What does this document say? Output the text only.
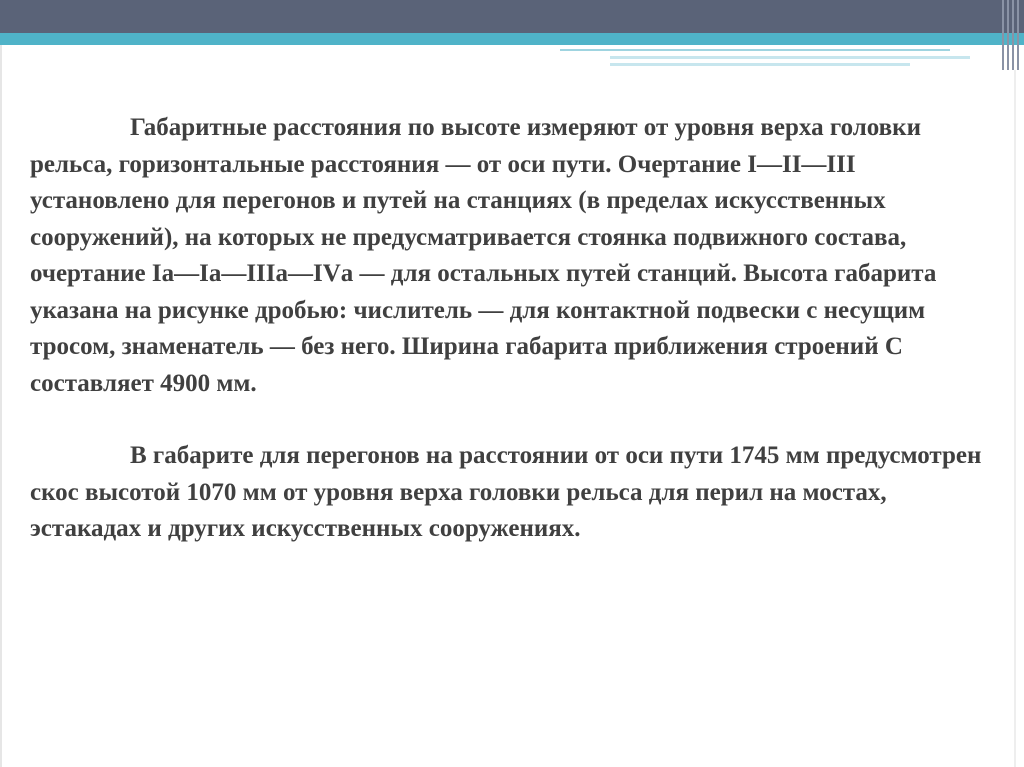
Габаритные расстояния по высоте измеряют от уровня верха головки рельса, горизонтальные расстояния — от оси пути. Очертание I—II—III установлено для перегонов и путей на станциях (в пределах искусственных сооружений), на которых не предусматривается стоянка подвижного состава, очертание Iа—Iа—IIIа—IVа — для остальных путей станций. Высота габарита указана на рисунке дробью: числитель — для контактной подвески с несущим тросом, знаменатель — без него. Ширина габарита приближения строений С составляет 4900 мм.

В габарите для перегонов на расстоянии от оси пути 1745 мм предусмотрен скос высотой 1070 мм от уровня верха головки рельса для перил на мостах, эстакадах и других искусственных сооружениях.
